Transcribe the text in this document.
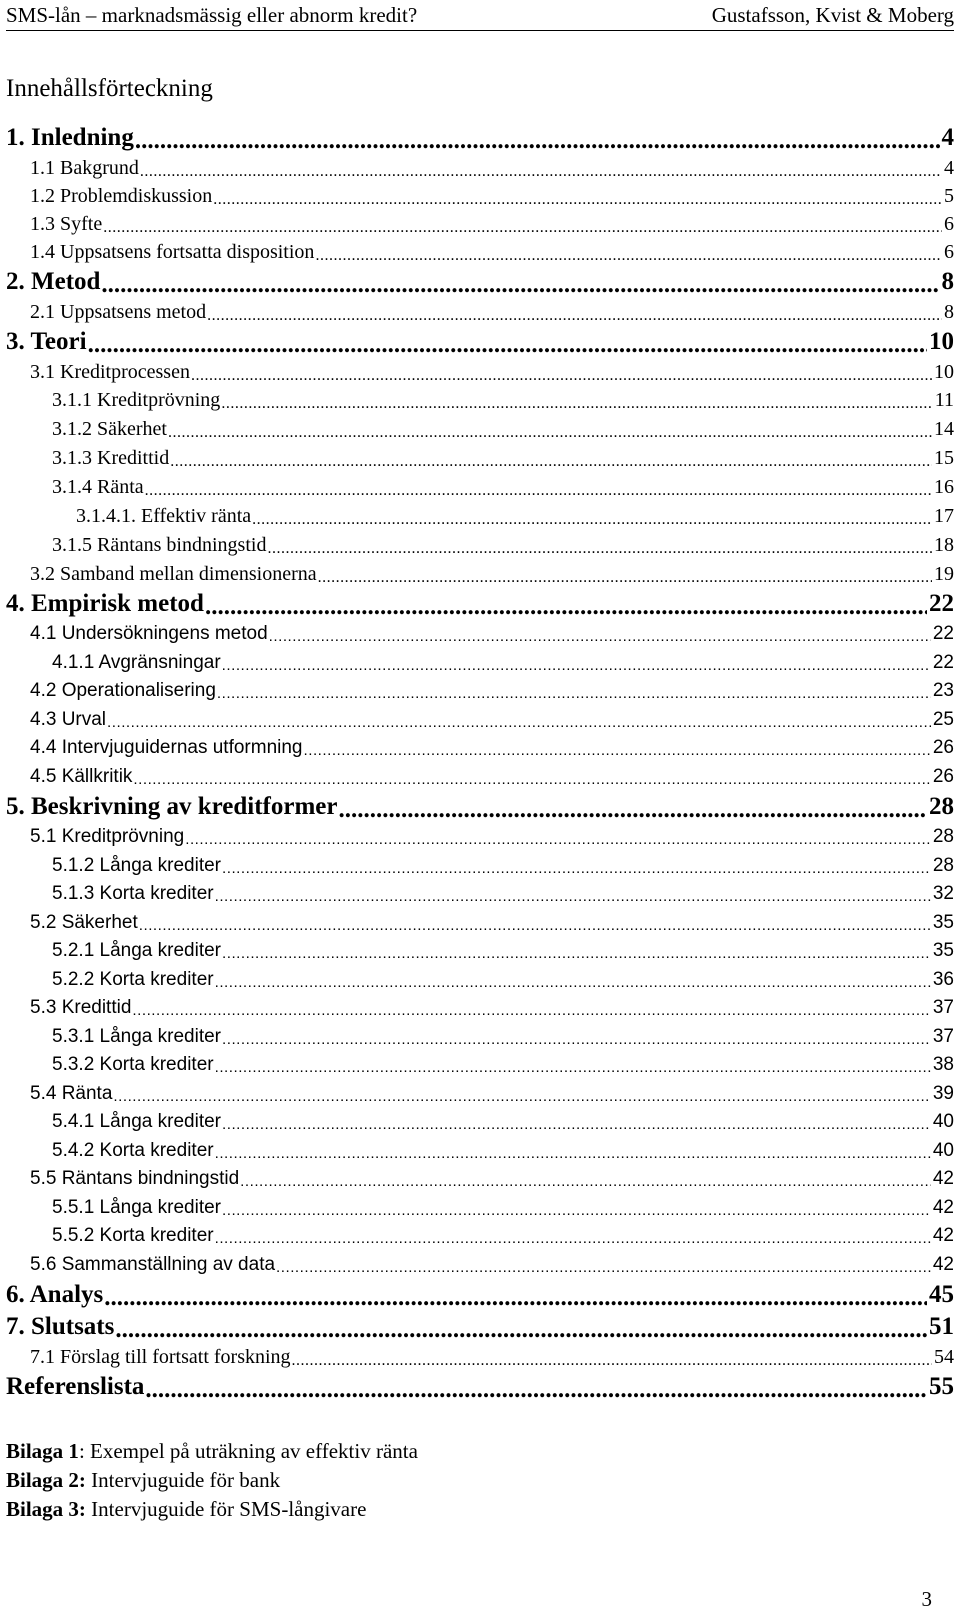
SMS-lån – marknadsmässig eller abnorm kredit?	Gustafsson, Kvist & Moberg
Innehållsförteckning
1. Inledning .....	4
1.1 Bakgrund .....	4
1.2 Problemdiskussion .....	5
1.3 Syfte .....	6
1.4 Uppsatsens fortsatta disposition .....	6
2. Metod .....	8
2.1 Uppsatsens metod .....	8
3. Teori .....	10
3.1 Kreditprocessen .....	10
3.1.1 Kreditprövning .....	11
3.1.2 Säkerhet .....	14
3.1.3 Kredittid .....	15
3.1.4 Ränta .....	16
3.1.4.1. Effektiv ränta .....	17
3.1.5 Räntans bindningstid .....	18
3.2 Samband mellan dimensionerna .....	19
4. Empirisk metod .....	22
4.1 Undersökningens metod .....	22
4.1.1 Avgränsningar .....	22
4.2 Operationalisering .....	23
4.3 Urval .....	25
4.4 Intervjuguidernas utformning .....	26
4.5 Källkritik .....	26
5. Beskrivning av kreditformer .....	28
5.1 Kreditprövning .....	28
5.1.2 Långa krediter .....	28
5.1.3 Korta krediter .....	32
5.2 Säkerhet .....	35
5.2.1 Långa krediter .....	35
5.2.2 Korta krediter .....	36
5.3 Kredittid .....	37
5.3.1 Långa krediter .....	37
5.3.2 Korta krediter .....	38
5.4 Ränta .....	39
5.4.1 Långa krediter .....	40
5.4.2 Korta krediter .....	40
5.5 Räntans bindningstid .....	42
5.5.1 Långa krediter .....	42
5.5.2 Korta krediter .....	42
5.6 Sammanställning av data .....	42
6. Analys .....	45
7. Slutsats .....	51
7.1 Förslag till fortsatt forskning .....	54
Referenslista .....	55
Bilaga 1: Exempel på uträkning av effektiv ränta
Bilaga 2: Intervjuguide för bank
Bilaga 3: Intervjuguide för SMS-långivare
3
